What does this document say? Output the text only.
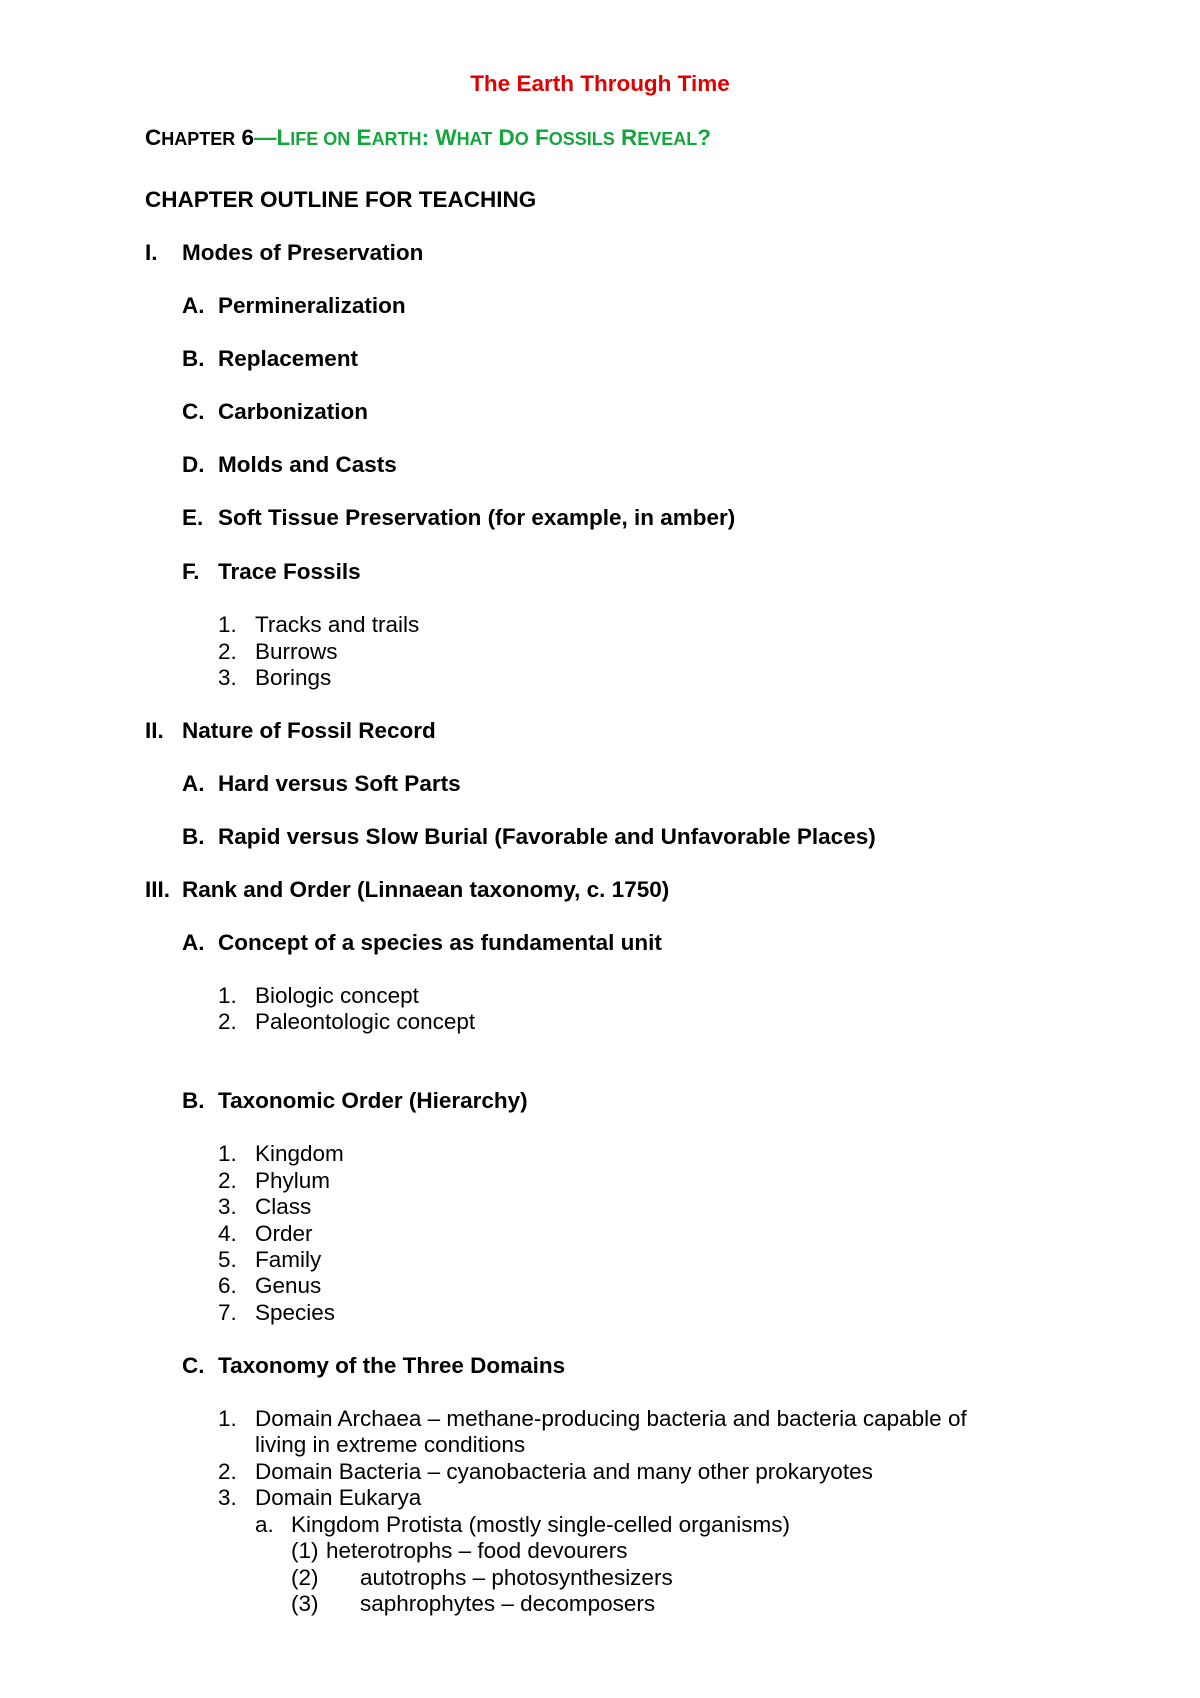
The Earth Through Time
CHAPTER 6—LIFE ON EARTH: WHAT DO FOSSILS REVEAL?
CHAPTER OUTLINE FOR TEACHING
I. Modes of Preservation
A. Permineralization
B. Replacement
C. Carbonization
D. Molds and Casts
E. Soft Tissue Preservation (for example, in amber)
F. Trace Fossils
1. Tracks and trails
2. Burrows
3. Borings
II. Nature of Fossil Record
A. Hard versus Soft Parts
B. Rapid versus Slow Burial (Favorable and Unfavorable Places)
III. Rank and Order (Linnaean taxonomy, c. 1750)
A. Concept of a species as fundamental unit
1. Biologic concept
2. Paleontologic concept
B. Taxonomic Order (Hierarchy)
1. Kingdom
2. Phylum
3. Class
4. Order
5. Family
6. Genus
7. Species
C. Taxonomy of the Three Domains
1. Domain Archaea – methane-producing bacteria and bacteria capable of
living in extreme conditions
2. Domain Bacteria – cyanobacteria and many other prokaryotes
3. Domain Eukarya
a. Kingdom Protista (mostly single-celled organisms)
(1) heterotrophs – food devourers
(2) autotrophs – photosynthesizers
(3) saphrophytes – decomposers
